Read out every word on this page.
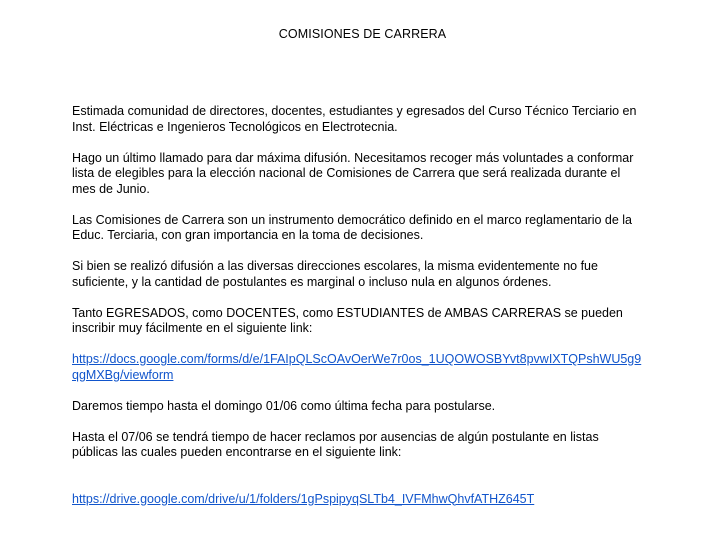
COMISIONES DE CARRERA

Estimada comunidad de directores, docentes, estudiantes y egresados del Curso Técnico Terciario en Inst. Eléctricas e Ingenieros Tecnológicos en Electrotecnia.

Hago un último llamado para dar máxima difusión. Necesitamos recoger más voluntades a conformar lista de elegibles para la elección nacional de Comisiones de Carrera que será realizada durante el mes de Junio.

Las Comisiones de Carrera son un instrumento democrático definido en el marco reglamentario de la Educ. Terciaria, con gran importancia en la toma de decisiones.

Si bien se realizó difusión a las diversas direcciones escolares, la misma evidentemente no fue suficiente, y la cantidad de postulantes es marginal o incluso nula en algunos órdenes.

Tanto EGRESADOS, como DOCENTES, como ESTUDIANTES de AMBAS CARRERAS se pueden inscribir muy fácilmente en el siguiente link:

https://docs.google.com/forms/d/e/1FAIpQLScOAvOerWe7r0os_1UQOWOSBYvt8pvwIXTQPshWU5g9qgMXBg/viewform

Daremos tiempo hasta el domingo 01/06 como última fecha para postularse.

Hasta el 07/06 se tendrá tiempo de hacer reclamos por ausencias de algún postulante en listas públicas las cuales pueden encontrarse en el siguiente link:

https://drive.google.com/drive/u/1/folders/1gPspipyqSLTb4_IVFMhwQhvfATHZ645T
